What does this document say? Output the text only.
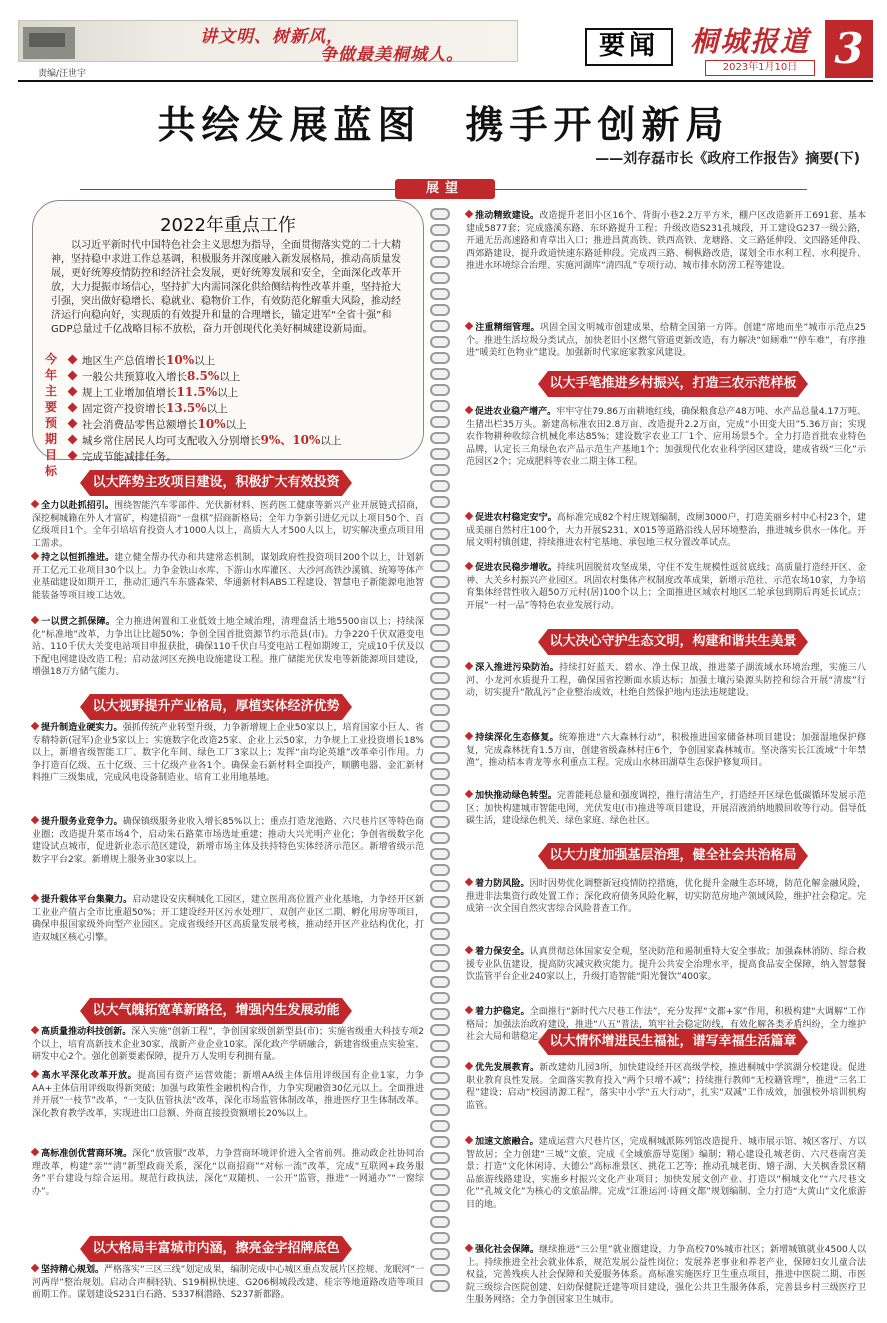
讲文明、树新风，
争做最美桐城人。
责编/汪世宇
要闻	桐城报道
2023年1月10日 3
共绘发展蓝图　携手开创新局
——刘存磊市长《政府工作报告》摘要(下)
展望
2022年重点工作
以习近平新时代中国特色社会主义思想为指导，全面贯彻落实党的二十大精神，坚持稳中求进工作总基调，积极服务并深度融入新发展格局，推动高质量发展，更好统筹疫情防控和经济社会发展，更好统筹发展和安全，全面深化改革开放，大力提振市场信心，坚持扩大内需同深化供给侧结构性改革并重，坚持抢大引强，突出做好稳增长、稳就业、稳物价工作，有效防范化解重大风险，推动经济运行向稳向好，实现质的有效提升和量的合理增长，锚定进军“全省十强”和GDP总量过千亿战略目标不放松，奋力开创现代化美好桐城建设新局面。
今年主要预期目标
地区生产总值增长10%以上
一般公共预算收入增长8.5%以上
规上工业增加值增长11.5%以上
固定资产投资增长13.5%以上
社会消费品零售总额增长10%以上
城乡常住居民人均可支配收入分别增长9%、10%以上
完成节能减排任务。
以大阵势主攻项目建设，积极扩大有效投资
全力以赴抓招引。围绕智能汽车零部件、光伏新材料、医药医工健康等新兴产业开展链式招商，深挖桐城籍在外人才富矿，构建招商“一盘棋”招商新格局；全年力争新引进亿元以上项目50个、百亿级项目1个。全年引培培育投资人才1000人以上，高质大人才500人以上，切实解决重点项目用工需求。
持之以恒抓推进。建立健全帮办代办和共建常态机制，谋划政府性投资项目200个以上，计划新开工亿元工业项目30个以上。力争金铁山水库、下游山水库灌区、大沙河高铁沙溪镇、统筹等体产业基础建设如期开工，推动汇通汽车东盛森荣、华通新材料ABS工程建设、智慧电子新能源电池智能装备等项目竣工达效。
一以贯之抓保障。全力推进闲置和工业低效土地全域治理，清理盘活土地5500亩以上；持续深化“标准地”改革，力争出让比超50%；争创全国首批资源节约示范县(市)。力争220千伏双港变电站、110千伏大关变电站项目申报获批，确保110千伏白马变电站工程如期竣工，完成10千伏及以下配电网建设改造工程；启动盆河区充换电设施建设工程。推广储能光伏发电等新能源项目建设，增强18万方储气能力。
以大视野提升产业格局，厚植实体经济优势
提升制造业硬实力。强抓传统产业转型升级，力争新增规上企业50家以上，培育国家小巨人、省专精特新(冠军)企业5家以上；实施数字化改造25家、企业上云50家，力争规上工业投资增长18%以上，新增省级智能工厂、数字化车间、绿色工厂3家以上；发挥“亩均论英雄”改革牵引作用。力争打造百亿级、五十亿级、三十亿级产业各1个。确保金石新材料全面投产，顺鹏电器、金汇新材料推广三级集成，完成风电设备制造业、培育工业用地基地。
提升服务业竞争力。确保镇级服务业收入增长85%以上；重点打造龙池路、六尺巷片区等特色商业圈；改造提升菜市场4个，启动朱石路菜市场选址重建；推动大兴光明产业化；争创省级数字化建设试点城市，促进新业态示范区建设，新增市场主体及扶持特色实体经济示范区。新增省级示范数字平台2家。新增规上服务业30家以上。
提升载体平台集聚力。启动建设安庆桐城化工园区，建立医用高位置产业化基地，力争经开区新工业业产值占全市比重超50%；开工建设经开区污水处理厂、双创产业区二期、孵化用房等项目，确保申报国家级外向型产业园区。完成省级经开区高质量发展考核，推动经开区产业结构优化，打造双城区核心引擎。
以大气魄拓宽革新路径，增强内生发展动能
高质量推动科技创新。深入实施“创新工程”，争创国家级创新型县(市)；实施省级重大科技专项2个以上，培育高新技术企业30家、战新产业企业10家。深化政产学研融合，新建省级重点实验室、研发中心2个。强化创新要素保障，提升万人发明专利拥有量。
高水平深化改革开放。提高国有资产运营效能；新增AA级主体信用评级国有企业1家，力争AA+主体信用评级取得新突破；加强与政策性金融机构合作，力争实现融资30亿元以上。全面推进并开展“一枝节”改革，“一支队伍管执法”改革，深化市场监管体制改革，推进医疗卫生体制改革。深化教育教学改革，实现进出口总额、外商直接投资额增长20%以上。
高标准创优营商环境。深化“放管服”改革，力争营商环境评价进入全省前列。推动政企社协同治理改革，构建“亲”“清”新型政商关系，深化“以商招商”“对标一流”改革，完成“互联网+政务服务”平台建设与综合运用。规范行政执法，深化“双随机、一公开”监管，推进“一网通办”“一窗综办”。
以大格局丰富城市内涵，擦亮金字招牌底色
坚持精心规划。严格落实“三区三线”划定成果，编制完成中心城区重点发展片区控规、龙眠河“一河两岸”整治规划。启动合声桐轻轨、S19桐枞快速、G206桐城段改建、桂宗等地道路改造等项目前期工作。谋划建设S231白石路、S337桐潜路、S237新都路。
推动精致建设。改造提升老旧小区16个、背街小巷2.2万平方米，棚户区改造新开工691套、基本建成5877套；完成盛溪东路、东环路提升工程；升级改造S231孔城段，开工建设G237一级公路，开通无岳高速路和青草出入口；推进昌黄高铁、铁西高铁、龙塘路、文三路延伸段、文四路延伸段、西郊路建设，提升政道快速东路延伸段。完成西三路、桐枞路改造，谋划全市水利工程、水利提升、推进水环境综合治理、实施河湖库“清四乱”专项行动、城市排水防涝工程等建设。
注重精细管理。巩固全国文明城市创建成果，给精全国第一方阵。创建“席地而坐”城市示范点25个。推进生活垃圾分类试点，加快老旧小区燃气管道更新改造，有力解决“如厕难”“停车难”，有序推进“暖美红色物业”建设。加强新时代家庭家教家风建设。
以大手笔推进乡村振兴，打造三农示范样板
促进农业稳产增产。牢牢守住79.86万亩耕地红线，确保粮食总产48万吨、水产品总量4.17万吨、生猪出栏35万头。新建高标准农田2.8万亩、改造提升2.2万亩，完成“小田变大田”5.36万亩；实现农作物耕种收综合机械化率达85%；建设数字农业工厂1个、应用场景5个。全力打造首批农业特色品牌，认定长三角绿色农产品示范生产基地1个；加强现代化农业科学园区建设，建成省级“三化”示范园区2个；完成肥料等农业二期主体工程。
促进农村稳定安宁。高标准完成82个村庄规划编制，改厕3000户，打造美丽乡村中心村23个，建成美丽自然村庄100个，大力开展S231、X015等道路沿线人居环境整治，推进城乡供水一体化。开展文明村镇创建，持续推进农村宅基地、承包地三权分置改革试点。
促进农民稳步增收。持续巩固脱贫攻坚成果，守住不发生规模性返贫底线；高质量打造经开区、金神、大关乡村振兴产业园区。巩固农村集体产权制度改革成果，新增示范社、示范农场10家，力争培育集体经营性收入超50万元村(居)100个以上；全面推进区域农村地区二轮承包到期后再延长试点；开展“一村一品”等特色农业发展行动。
以大决心守护生态文明，构建和谐共生美景
深入推进污染防治。持续打好蓝天、碧水、净土保卫战，推进菜子湖流域水环境治理，实施三八河、小龙河水质提升工程，确保国省控断面水质达标；加强土壤污染源头防控和综合开展“清废”行动，切实提升“散乱污”企业整治成效，杜绝自然保护地内违法违规建设。
持续深化生态修复。统筹推进“六大森林行动”，积极推进国家储备林项目建设；加强湿地保护修复，完成森林抚育1.5万亩，创建省级森林村庄6个，争创国家森林城市。坚决落实长江流域“十年禁渔”，推动桔本青龙等水利重点工程。完成山水林田湖草生态保护修复项目。
加快推动绿色转型。完善能耗总量和强度调控，推行清洁生产，打造经开区绿色低碳循环发展示范区；加快构建城市智能电网，光伏发电(市)推进等项目建设，开展沼液消纳地膜回收等行动。倡导低碳生活，建设绿色机关、绿色家庭、绿色社区。
以大力度加强基层治理，健全社会共治格局
着力防风险。因时因势优化调整新冠疫情防控措施，优化提升金融生态环境，防范化解金融风险，推进非法集资行政处置工作；深化政府债务风险化解，切实防范房地产领域风险，维护社会稳定。完成第一次全国自然灾害综合风险普查工作。
着力保安全。认真贯彻总体国家安全观，坚决防范和遏制重特大安全事故；加强森林消防、综合救援专业队伍建设，提高防灾减灾救灾能力。提升公共安全治理水平，提高食品安全保障，纳入智慧餐饮监管平台企业240家以上，升级打造智能“阳光餐饮”400家。
着力护稳定。全面推行“新时代六尺巷工作法”，充分发挥“文都+家”作用，积极构建“大调解”工作格局；加强法治政府建设，推进“八五”普法，筑牢社会稳定防线，有效化解各类矛盾纠纷，全力维护社会大局和谐稳定。 以大情怀增进民生福祉，谱写幸福生活篇章
优先发展教育。新改建幼儿园3所，加快建设经开区高级学校，推进桐城中学滨湖分校建设。促进职业教育良性发展。全面落实教育投入“两个只增不减”；持续推行教师“无校籍管理”，推进“三名工程”建设；启动“校园清源工程”，落实中小学“五大行动”，扎实“双减”工作成效，加强校外培训机构监管。
加速文旅融合。建成运营六尺巷片区，完成桐城派陈列馆改造提升、城市展示馆、城区客厅、方以智故居；全力创建“三城”文旅，完成《全域旅游导览图》编制；精心建设孔城老街、六尺巷南宫美景；打造“文化休闲诗、大德公”高标准景区、挑花工艺等；推动孔城老街、嬉子湖、大关枫香景区精品旅游线路建设，实施乡村振兴文化产业项目；加快发展文创产业、打造以“桐城文化”“六尺巷文化”“孔城文化”为核心的文旅品牌。完成“江淮运河·诗画文都”规划编制、全力打造“大黄山”文化旅游目的地。
强化社会保障。继续推进“三公里”就业圈建设，力争高校70%城市社区；新增城镇就业4500人以上。持续推进全社会就业体系，规范发展公益性岗位；发展养老事业和养老产业，保障妇女儿童合法权益，完善残疾人社会保障和关爱服务体系。高标准实施医疗卫生重点项目，推进中医院二期、市医院三级综合医院创建、妇幼保健院迁建等项目建设，强化公共卫生服务体系，完善县乡村三级医疗卫生服务网络；全力争创国家卫生城市。
